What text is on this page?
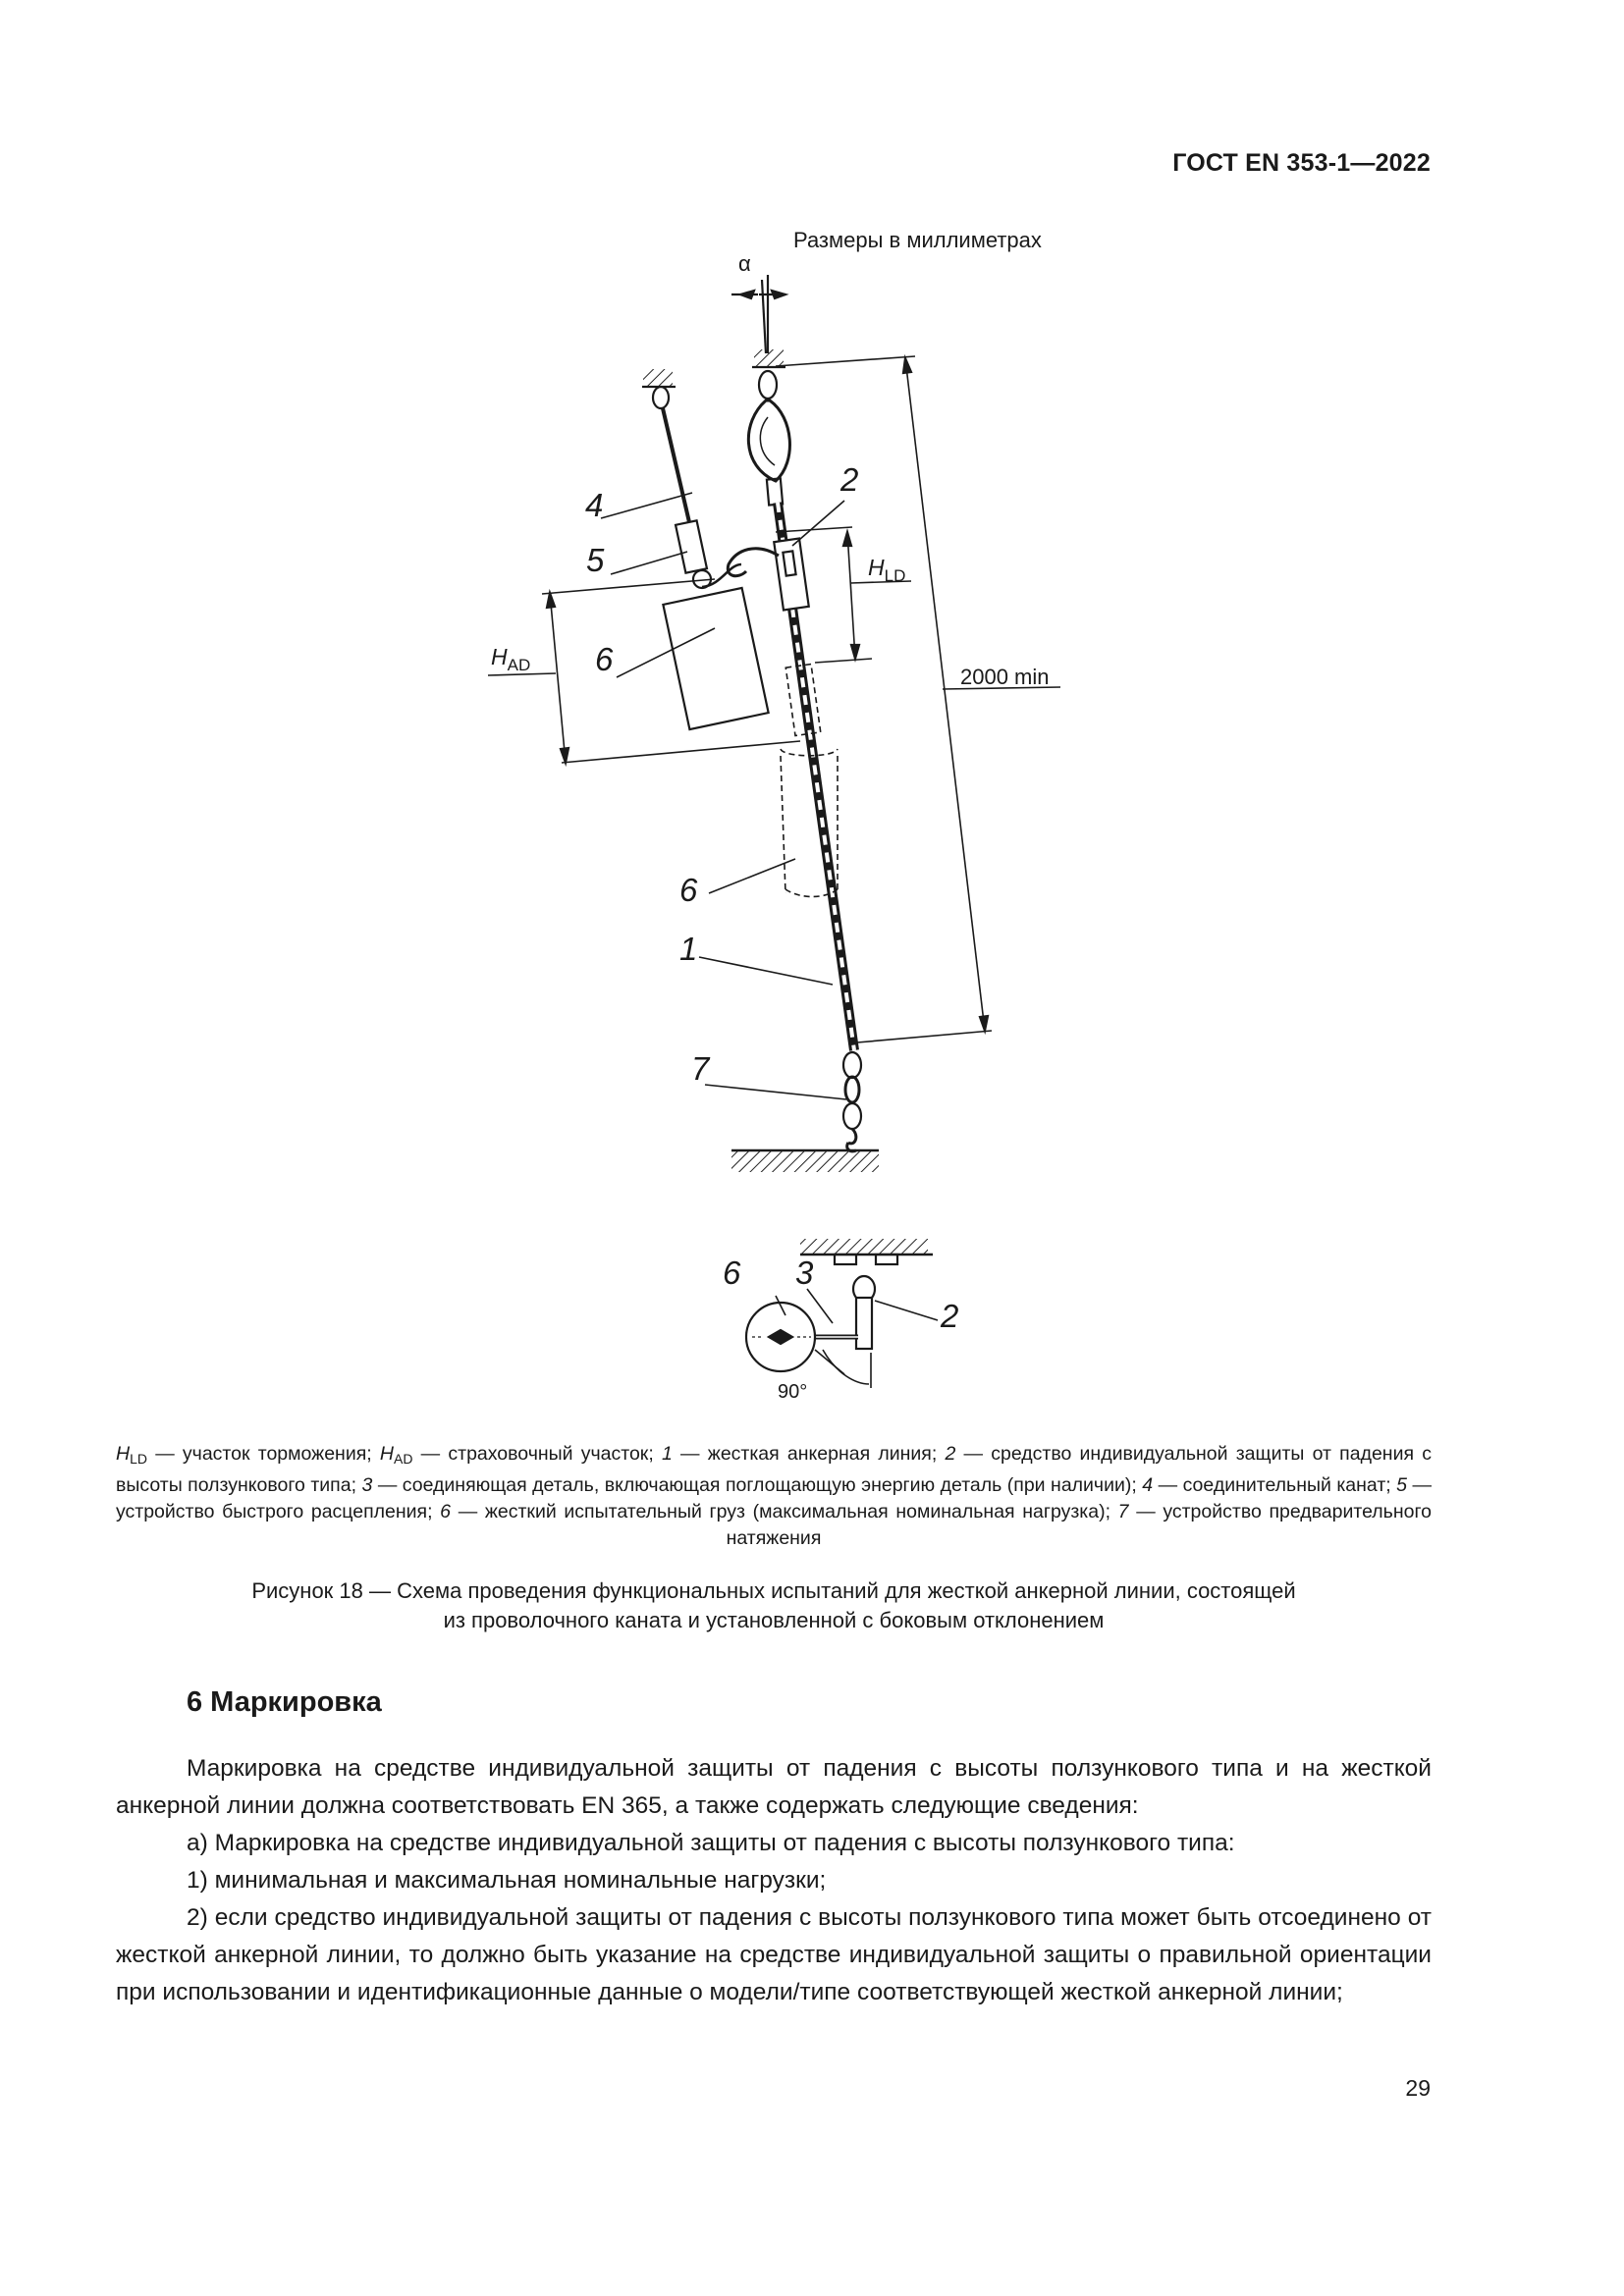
ГОСТ EN 353-1—2022
Размеры в миллиметрах
α
2000 min
$H_{LD}$
$H_{AD}$
4
5
6
2
6
1
7
6 3
2
90°
$H_{LD}$ — участок торможения; $H_{AD}$ — страховочный участок; 1 — жесткая анкерная линия; 2 — средство индивидуальной защиты от падения с высоты ползункового типа; 3 — соединяющая деталь, включающая поглощающую энергию деталь (при наличии); 4 — соединительный канат; 5 — устройство быстрого расцепления; 6 — жесткий испытательный груз (максимальная номинальная нагрузка); 7 — устройство предварительного натяжения
Рисунок 18 — Схема проведения функциональных испытаний для жесткой анкерной линии, состоящей
из проволочного каната и установленной с боковым отклонением
6 Маркировка

Маркировка на средстве индивидуальной защиты от падения с высоты ползункового типа и на жесткой анкерной линии должна соответствовать EN 365, а также содержать следующие сведения:

а) Маркировка на средстве индивидуальной защиты от падения с высоты ползункового типа:

1) минимальная и максимальная номинальные нагрузки;

2) если средство индивидуальной защиты от падения с высоты ползункового типа может быть отсоединено от жесткой анкерной линии, то должно быть указание на средстве индивидуальной защиты о правильной ориентации при использовании и идентификационные данные о модели/типе соответствующей жесткой анкерной линии;

29
